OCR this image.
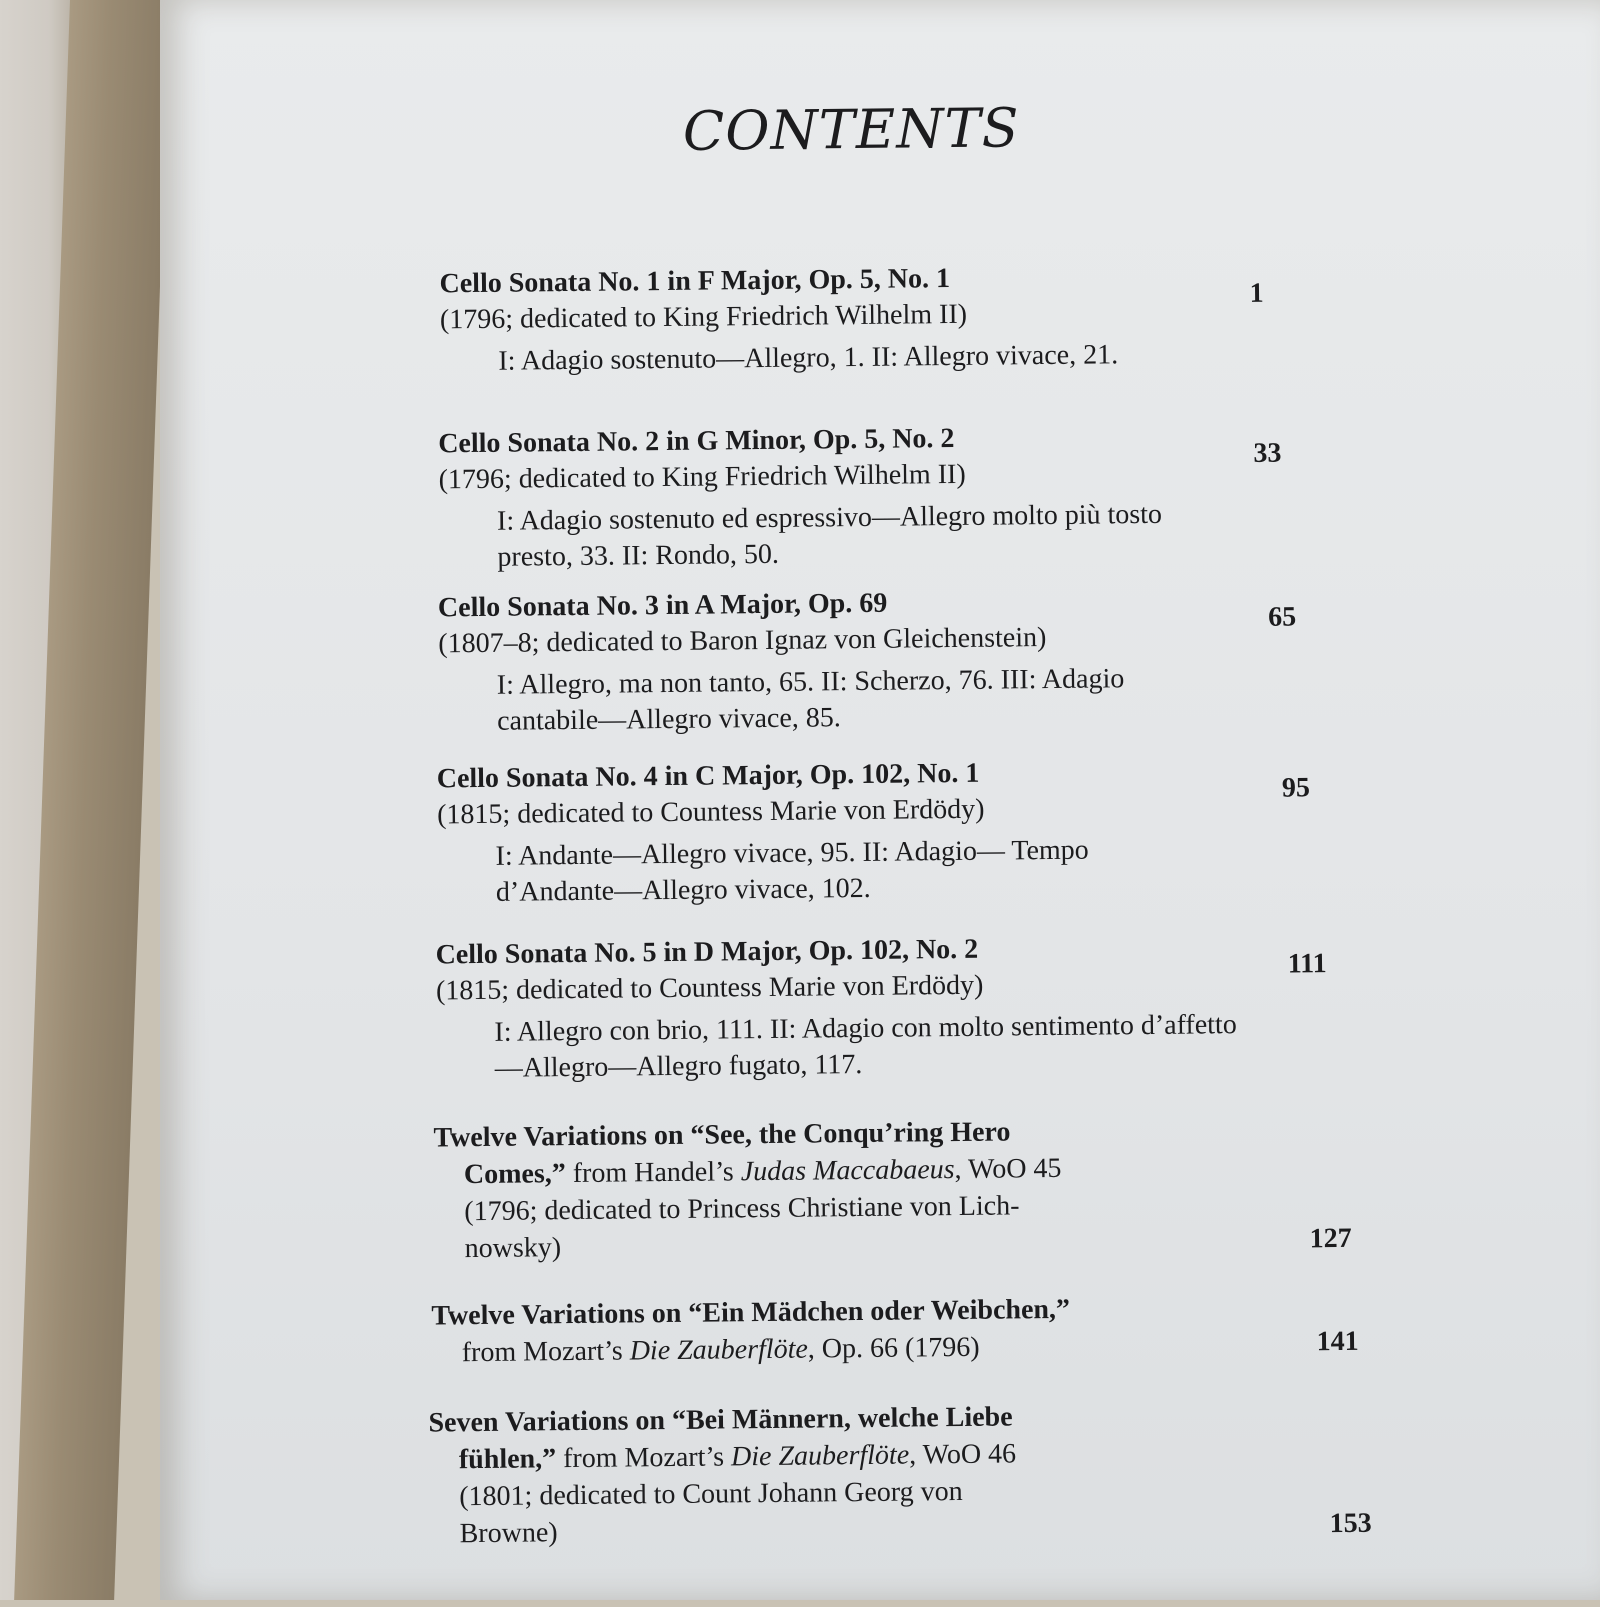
CONTENTS
Cello Sonata No. 1 in F Major, Op. 5, No. 1
(1796; dedicated to King Friedrich Wilhelm II)
I: Adagio sostenuto—Allegro, 1. II: Allegro vivace, 21.
1
Cello Sonata No. 2 in G Minor, Op. 5, No. 2
(1796; dedicated to King Friedrich Wilhelm II)
I: Adagio sostenuto ed espressivo—Allegro molto più tosto presto, 33. II: Rondo, 50.
33
Cello Sonata No. 3 in A Major, Op. 69
(1807–8; dedicated to Baron Ignaz von Gleichenstein)
I: Allegro, ma non tanto, 65. II: Scherzo, 76. III: Adagio cantabile—Allegro vivace, 85.
65
Cello Sonata No. 4 in C Major, Op. 102, No. 1
(1815; dedicated to Countess Marie von Erdödy)
I: Andante—Allegro vivace, 95. II: Adagio— Tempo d’Andante—Allegro vivace, 102.
95
Cello Sonata No. 5 in D Major, Op. 102, No. 2
(1815; dedicated to Countess Marie von Erdödy)
I: Allegro con brio, 111. II: Adagio con molto sentimento d’affetto—Allegro—Allegro fugato, 117.
111
Twelve Variations on “See, the Conqu’ring Hero
Comes,” from Handel’s Judas Maccabaeus, WoO 45
(1796; dedicated to Princess Christiane von Lich-
nowsky)	127
Twelve Variations on “Ein Mädchen oder Weibchen,”
from Mozart’s Die Zauberflöte, Op. 66 (1796)	141
Seven Variations on “Bei Männern, welche Liebe
fühlen,” from Mozart’s Die Zauberflöte, WoO 46
(1801; dedicated to Count Johann Georg von
Browne)	153
